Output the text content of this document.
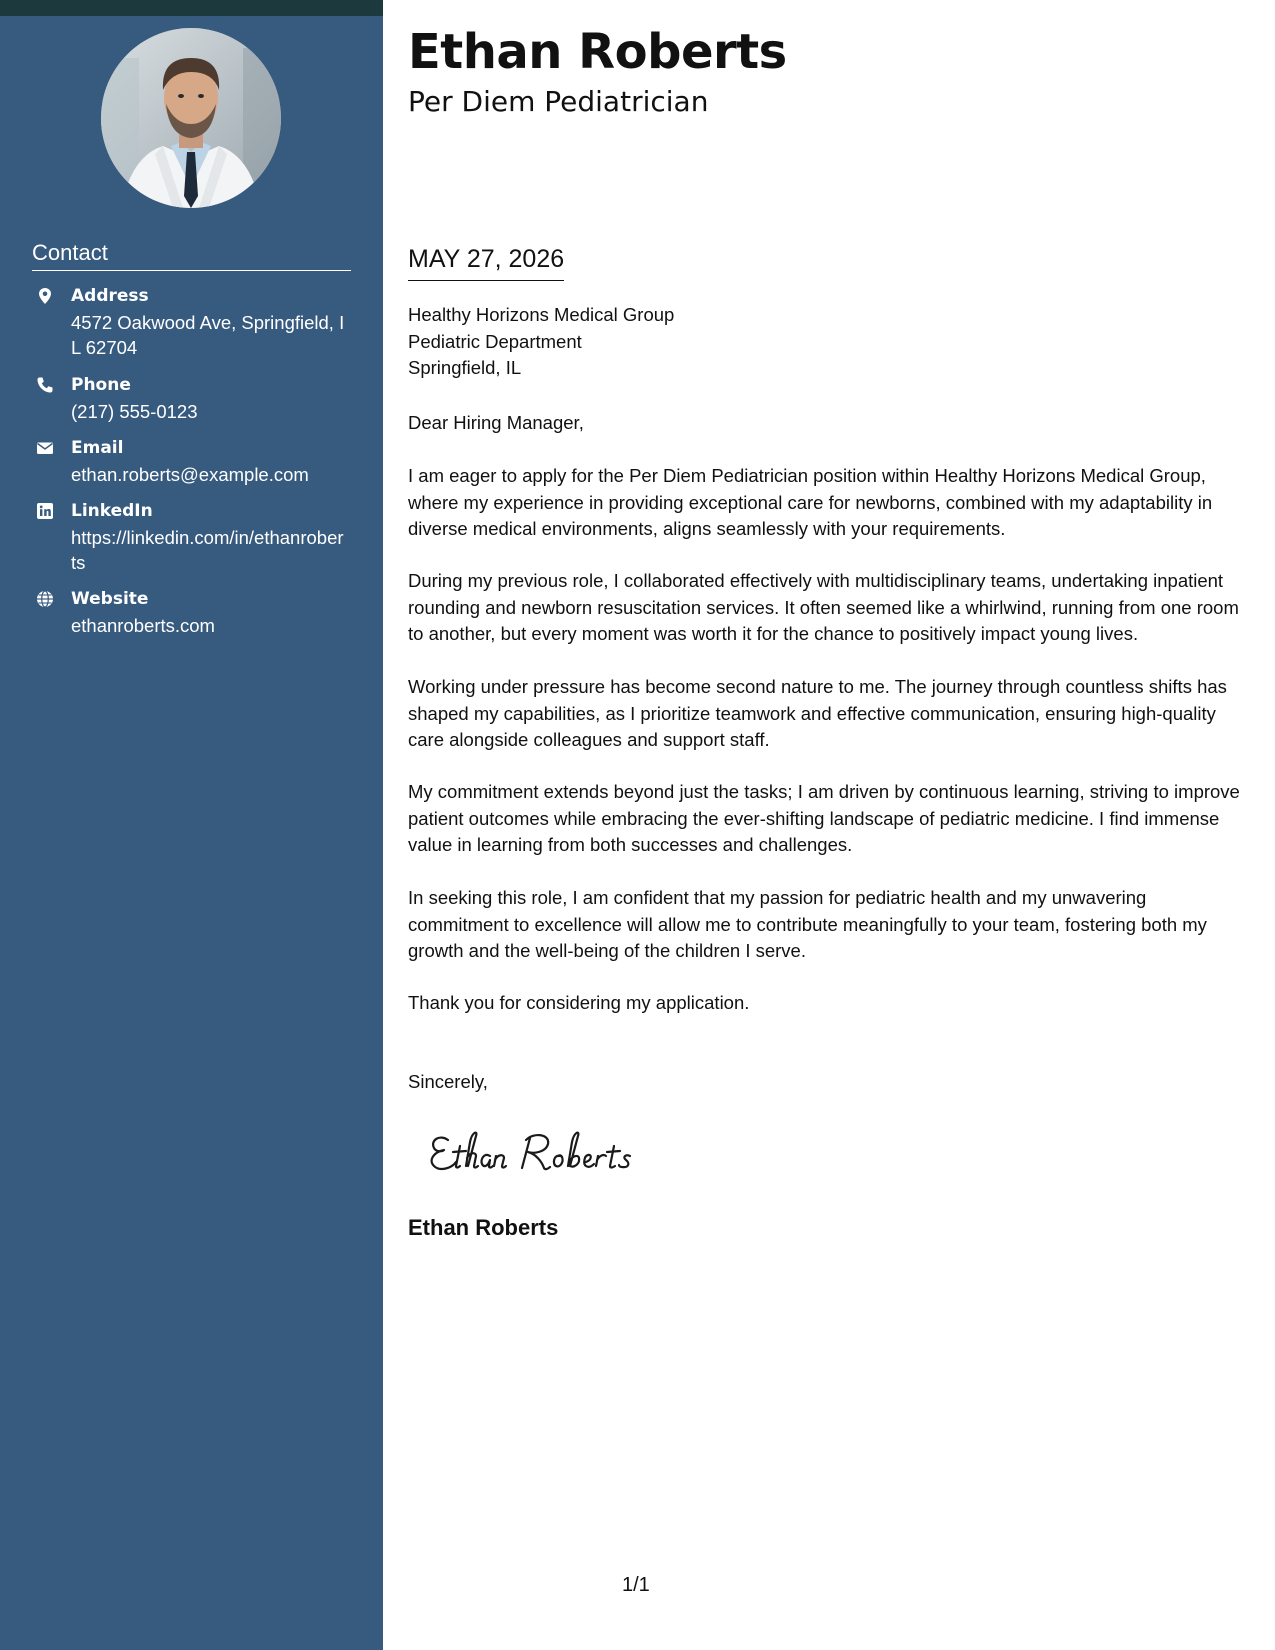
Contact
Address
4572 Oakwood Ave, Springfield, IL 62704
Phone
(217) 555-0123
Email
ethan.roberts@example.com
LinkedIn
https://linkedin.com/in/ethanroberts
Website
ethanroberts.com
Ethan Roberts
Per Diem Pediatrician
MAY 27, 2026
Healthy Horizons Medical Group
Pediatric Department
Springfield, IL
Dear Hiring Manager,
I am eager to apply for the Per Diem Pediatrician position within Healthy Horizons Medical Group, where my experience in providing exceptional care for newborns, combined with my adaptability in diverse medical environments, aligns seamlessly with your requirements.
During my previous role, I collaborated effectively with multidisciplinary teams, undertaking inpatient rounding and newborn resuscitation services. It often seemed like a whirlwind, running from one room to another, but every moment was worth it for the chance to positively impact young lives.
Working under pressure has become second nature to me. The journey through countless shifts has shaped my capabilities, as I prioritize teamwork and effective communication, ensuring high-quality care alongside colleagues and support staff.
My commitment extends beyond just the tasks; I am driven by continuous learning, striving to improve patient outcomes while embracing the ever-shifting landscape of pediatric medicine. I find immense value in learning from both successes and challenges.
In seeking this role, I am confident that my passion for pediatric health and my unwavering commitment to excellence will allow me to contribute meaningfully to your team, fostering both my growth and the well-being of the children I serve.
Thank you for considering my application.
Sincerely,
Ethan Roberts
1/1
